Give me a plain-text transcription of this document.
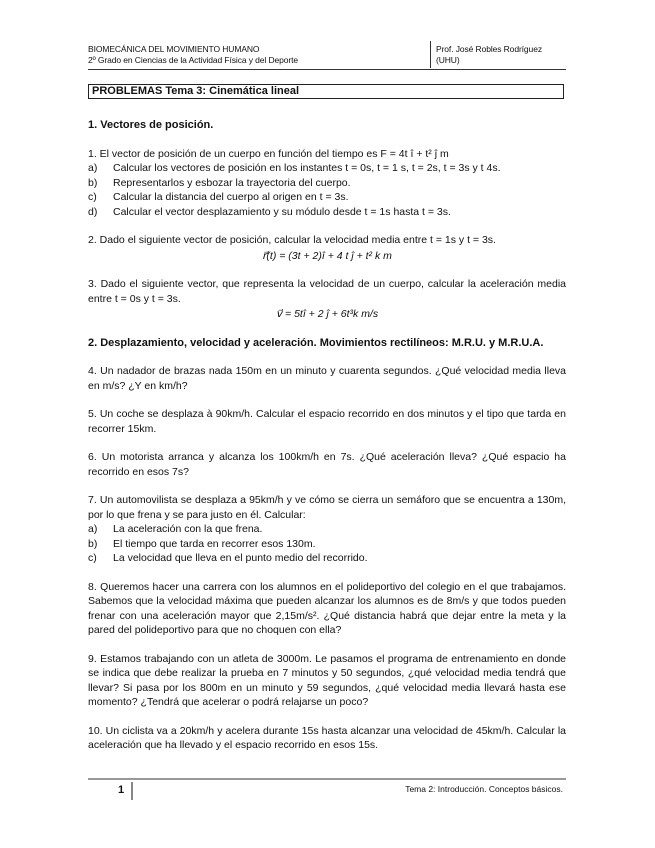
BIOMECÁNICA DEL MOVIMIENTO HUMANO
2º Grado en Ciencias de la Actividad Física y del Deporte
Prof. José Robles Rodríguez
(UHU)
PROBLEMAS Tema 3: Cinemática lineal

1. Vectores de posición.

1. El vector de posición de un cuerpo en función del tiempo es F = 4t î + t² ĵ m

a)	Calcular los vectores de posición en los instantes t = 0s, t = 1 s, t = 2s, t = 3s y t 4s.
b)	Representarlos y esbozar la trayectoria del cuerpo.
c)	Calcular la distancia del cuerpo al origen en t = 3s.
d)	Calcular el vector desplazamiento y su módulo desde t = 1s hasta t = 3s.

2. Dado el siguiente vector de posición, calcular la velocidad media entre t = 1s y t = 3s.

r⃗(t) = (3t + 2)î + 4 t ĵ + t² k m

3. Dado el siguiente vector, que representa la velocidad de un cuerpo, calcular la aceleración media entre t = 0s y t = 3s.

v⃗ = 5tî + 2 ĵ + 6t³k m/s

2. Desplazamiento, velocidad y aceleración. Movimientos rectilíneos: M.R.U. y M.R.U.A.

4. Un nadador de brazas nada 150m en un minuto y cuarenta segundos. ¿Qué velocidad media lleva en m/s? ¿Y en km/h?

5. Un coche se desplaza à 90km/h. Calcular el espacio recorrido en dos minutos y el tipo que tarda en recorrer 15km.

6. Un motorista arranca y alcanza los 100km/h en 7s. ¿Qué aceleración lleva? ¿Qué espacio ha recorrido en esos 7s?

7. Un automovilista se desplaza a 95km/h y ve cómo se cierra un semáforo que se encuentra a 130m, por lo que frena y se para justo en él. Calcular:

a)	La aceleración con la que frena.
b)	El tiempo que tarda en recorrer esos 130m.
c)	La velocidad que lleva en el punto medio del recorrido.

8. Queremos hacer una carrera con los alumnos en el polideportivo del colegio en el que trabajamos. Sabemos que la velocidad máxima que pueden alcanzar los alumnos es de 8m/s y que todos pueden frenar con una aceleración mayor que 2,15m/s². ¿Qué distancia habrá que dejar entre la meta y la pared del polideportivo para que no choquen con ella?

9. Estamos trabajando con un atleta de 3000m. Le pasamos el programa de entrenamiento en donde se indica que debe realizar la prueba en 7 minutos y 50 segundos, ¿qué velocidad media tendrá que llevar? Si pasa por los 800m en un minuto y 59 segundos, ¿qué velocidad media llevará hasta ese momento? ¿Tendrá que acelerar o podrá relajarse un poco?

10. Un ciclista va a 20km/h y acelera durante 15s hasta alcanzar una velocidad de 45km/h. Calcular la aceleración que ha llevado y el espacio recorrido en esos 15s.

1	Tema 2: Introducción. Conceptos básicos.
